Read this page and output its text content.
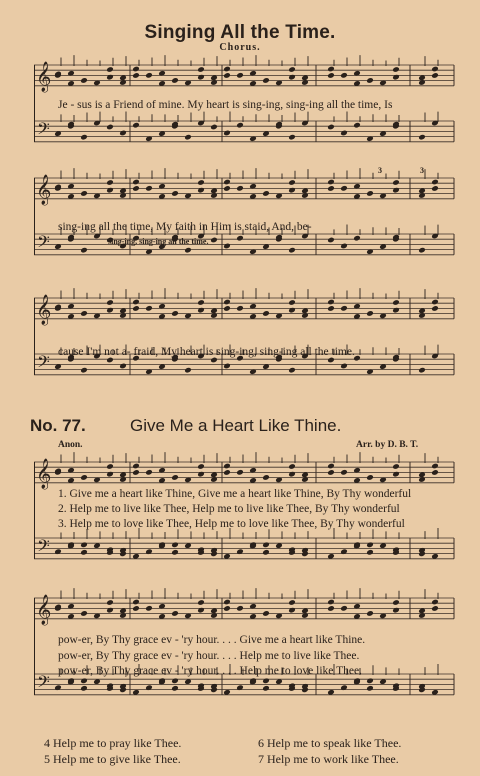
Singing All the Time.
Chorus.
𝄞
𝄢
Je - sus is a Friend of mine. My heart is sing-ing, sing-ing all the time, Is
𝄞
𝄢
3	3
sing-ing all the time, My faith in Him is staid, And, be-
sing-ing, sing-ing all the time.
𝄞
𝄢 cause I'm not a- fraid, My heart is sing-ing, sing-ing all the time.
No. 77.	Give Me a Heart Like Thine.
Anon.	Arr. by D. B. T.
𝄞
𝄢
1. Give me a heart like Thine, Give me a heart like Thine, By Thy wonderful
2. Help me to live like Thee, Help me to live like Thee, By Thy wonderful
3. Help me to love like Thee, Help me to love like Thee, By Thy wonderful
𝄞
𝄢
pow-er, By Thy grace ev - 'ry hour. . . . Give me a heart like Thine.
pow-er, By Thy grace ev - 'ry hour. . . . Help me to live like Thee.
pow-er, By Thy grace ev - 'ry hour. . . . Help me to love like Thee.
4 Help me to pray like Thee.
5 Help me to give like Thee.
6 Help me to speak like Thee.
7 Help me to work like Thee.
